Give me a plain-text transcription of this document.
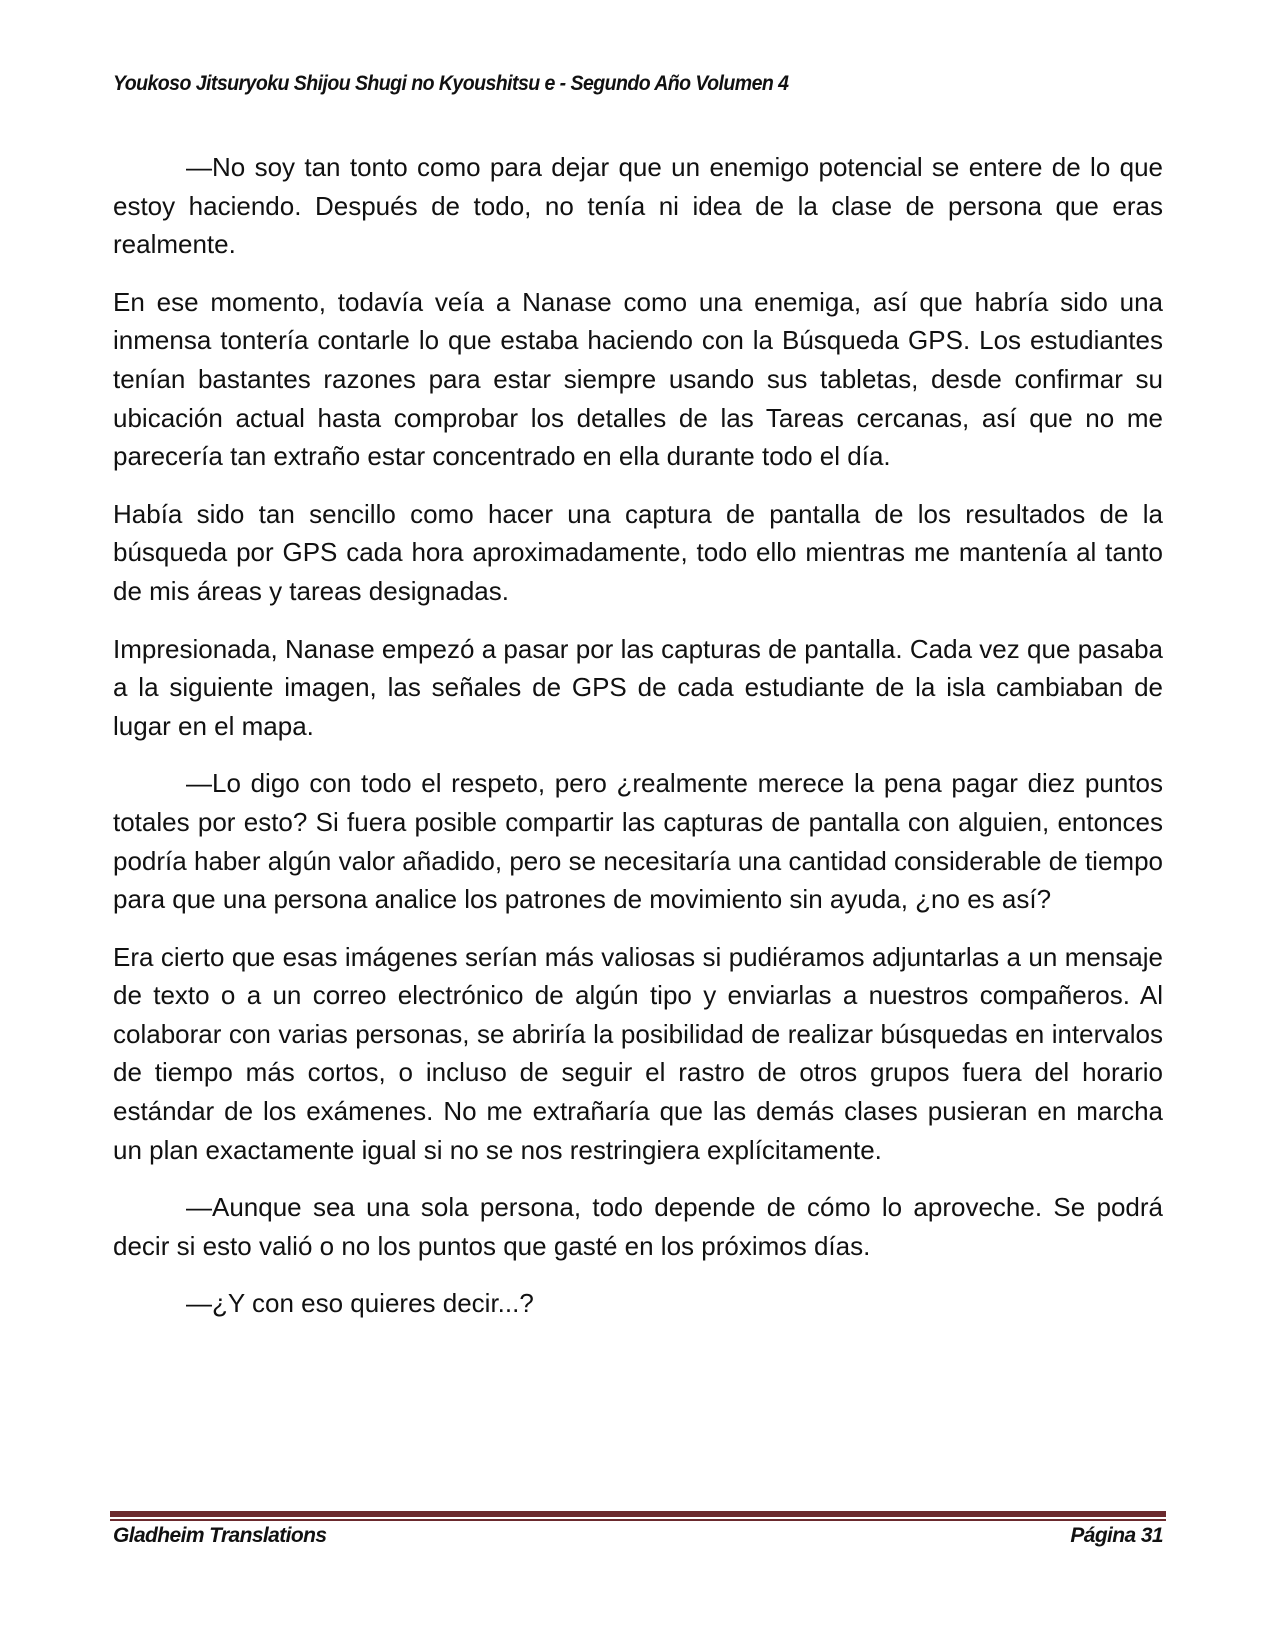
Youkoso Jitsuryoku Shijou Shugi no Kyoushitsu e - Segundo Año Volumen 4

—No soy tan tonto como para dejar que un enemigo potencial se entere de lo que estoy haciendo. Después de todo, no tenía ni idea de la clase de persona que eras realmente.

En ese momento, todavía veía a Nanase como una enemiga, así que habría sido una inmensa tontería contarle lo que estaba haciendo con la Búsqueda GPS. Los estudiantes tenían bastantes razones para estar siempre usando sus tabletas, desde confirmar su ubicación actual hasta comprobar los detalles de las Tareas cercanas, así que no me parecería tan extraño estar concentrado en ella durante todo el día.

Había sido tan sencillo como hacer una captura de pantalla de los resultados de la búsqueda por GPS cada hora aproximadamente, todo ello mientras me mantenía al tanto de mis áreas y tareas designadas.

Impresionada, Nanase empezó a pasar por las capturas de pantalla. Cada vez que pasaba a la siguiente imagen, las señales de GPS de cada estudiante de la isla cambiaban de lugar en el mapa.

—Lo digo con todo el respeto, pero ¿realmente merece la pena pagar diez puntos totales por esto? Si fuera posible compartir las capturas de pantalla con alguien, entonces podría haber algún valor añadido, pero se necesitaría una cantidad considerable de tiempo para que una persona analice los patrones de movimiento sin ayuda, ¿no es así?

Era cierto que esas imágenes serían más valiosas si pudiéramos adjuntarlas a un mensaje de texto o a un correo electrónico de algún tipo y enviarlas a nuestros compañeros. Al colaborar con varias personas, se abriría la posibilidad de realizar búsquedas en intervalos de tiempo más cortos, o incluso de seguir el rastro de otros grupos fuera del horario estándar de los exámenes. No me extrañaría que las demás clases pusieran en marcha un plan exactamente igual si no se nos restringiera explícitamente.

—Aunque sea una sola persona, todo depende de cómo lo aproveche. Se podrá decir si esto valió o no los puntos que gasté en los próximos días.

—¿Y con eso quieres decir...?

Gladheim Translations	Página 31
